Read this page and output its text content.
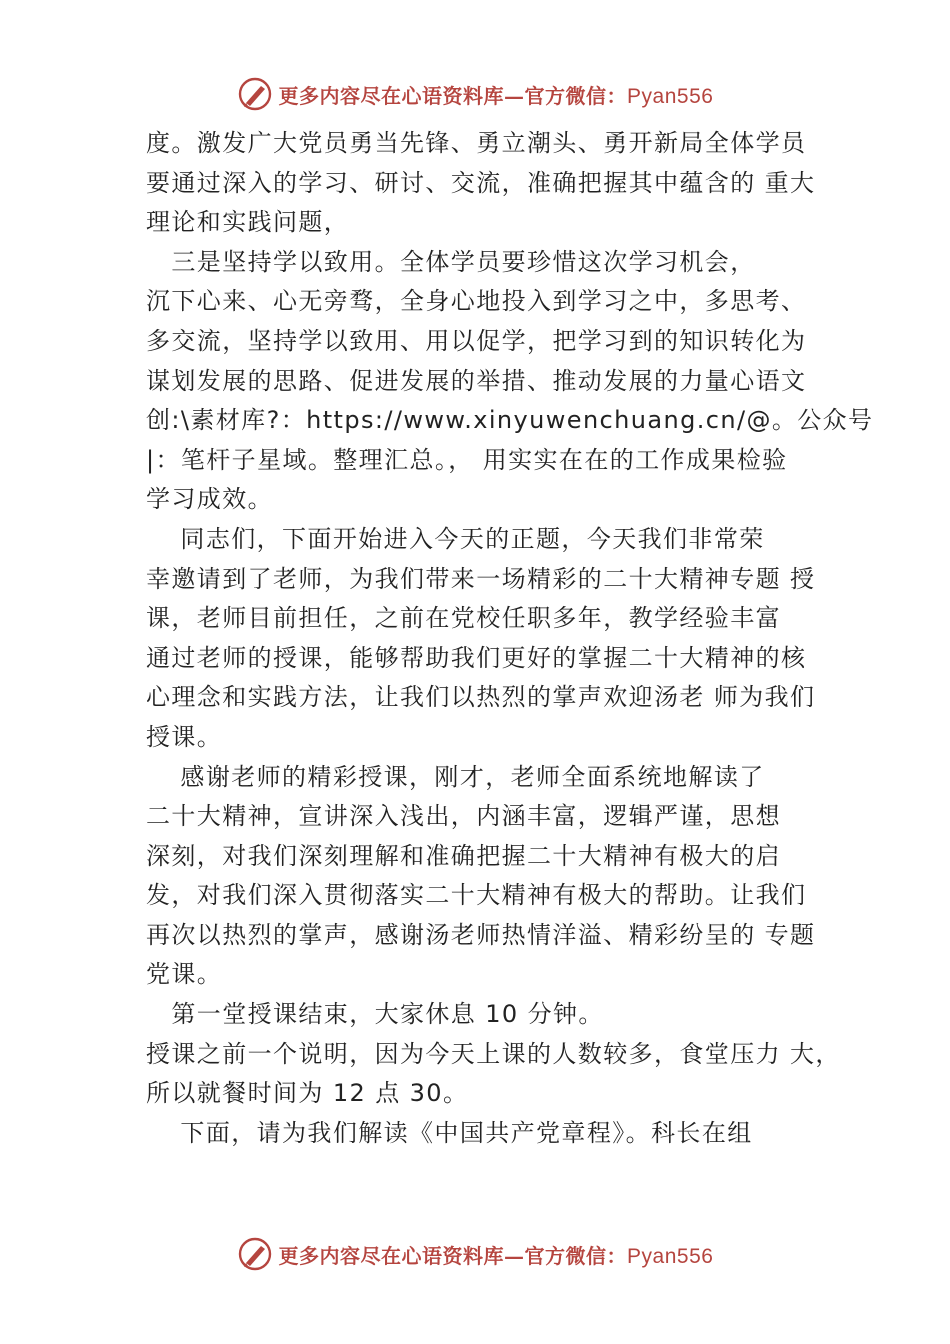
更多内容尽在心语资料库—官方微信：Pyan556
度。激发广大党员勇当先锋、勇立潮头、勇开新局全体学员
要通过深入的学习、研讨、交流，准确把握其中蕴含的 重大
理论和实践问题，
　三是坚持学以致用。全体学员要珍惜这次学习机会，
沉下心来、心无旁骛，全身心地投入到学习之中，多思考、
多交流，坚持学以致用、用以促学，把学习到的知识转化为
谋划发展的思路、促进发展的举措、推动发展的力量心语文
创:\素材库?：https://www.xinyuwenchuang.cn/@。公众号
|：笔杆子星域。整理汇总。， 用实实在在的工作成果检验
学习成效。
　 同志们，下面开始进入今天的正题，今天我们非常荣
幸邀请到了老师，为我们带来一场精彩的二十大精神专题 授
课，老师目前担任，之前在党校任职多年，教学经验丰富
通过老师的授课，能够帮助我们更好的掌握二十大精神的核
心理念和实践方法，让我们以热烈的掌声欢迎汤老 师为我们
授课。
　 感谢老师的精彩授课，刚才，老师全面系统地解读了
二十大精神，宣讲深入浅出，内涵丰富，逻辑严谨，思想
深刻，对我们深刻理解和准确把握二十大精神有极大的启
发，对我们深入贯彻落实二十大精神有极大的帮助。让我们
再次以热烈的掌声，感谢汤老师热情洋溢、精彩纷呈的 专题
党课。
　第一堂授课结束，大家休息 10 分钟。
授课之前一个说明，因为今天上课的人数较多，食堂压力 大，
所以就餐时间为 12 点 30。
　 下面，请为我们解读《中国共产党章程》。科长在组
更多内容尽在心语资料库—官方微信：Pyan556
